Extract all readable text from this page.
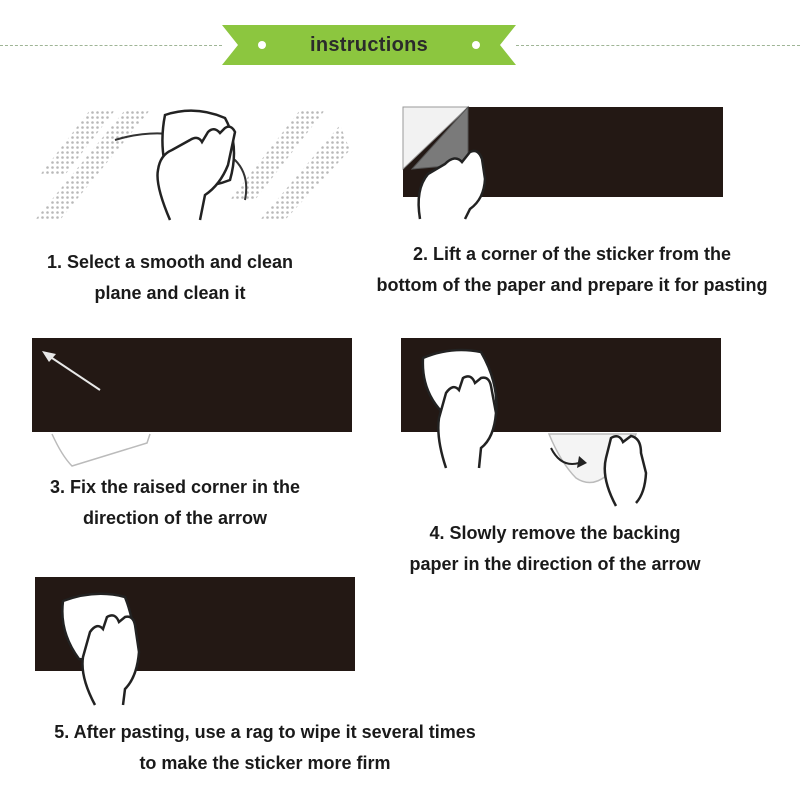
instructions
1. Select a smooth and clean
plane and clean it
2. Lift a corner of the sticker from the
bottom of the paper and prepare it for pasting
3. Fix the raised corner in the
direction of the arrow
4. Slowly remove the backing
paper in the direction of the arrow
5. After pasting, use a rag to wipe it several times
to make the sticker more firm
